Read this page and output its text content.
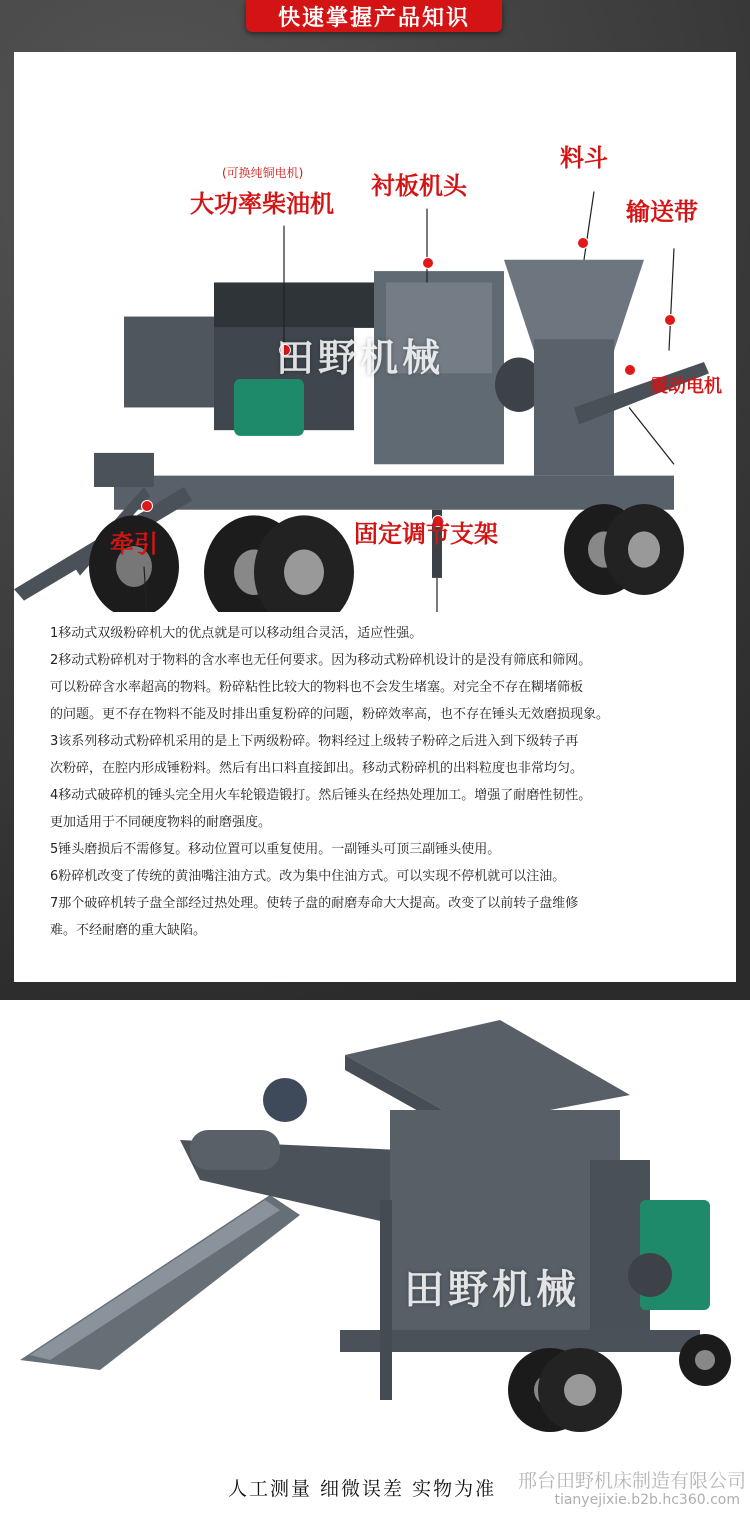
快速掌握产品知识
(可换纯铜电机)
大功率柴油机
衬板机头
料斗
输送带
震动电机
牵引	固定调节支架
田野机械

1移动式双级粉碎机大的优点就是可以移动组合灵活，适应性强。

2移动式粉碎机对于物料的含水率也无任何要求。因为移动式粉碎机设计的是没有筛底和筛网。

可以粉碎含水率超高的物料。粉碎粘性比较大的物料也不会发生堵塞。对完全不存在糊堵筛板

的问题。更不存在物料不能及时排出重复粉碎的问题，粉碎效率高，也不存在锤头无效磨损现象。

3该系列移动式粉碎机采用的是上下两级粉碎。物料经过上级转子粉碎之后进入到下级转子再

次粉碎，在腔内形成锤粉料。然后有出口料直接卸出。移动式粉碎机的出料粒度也非常均匀。

4移动式破碎机的锤头完全用火车轮锻造锻打。然后锤头在经热处理加工。增强了耐磨性韧性。

更加适用于不同硬度物料的耐磨强度。

5锤头磨损后不需修复。移动位置可以重复使用。一副锤头可顶三副锤头使用。

6粉碎机改变了传统的黄油嘴注油方式。改为集中住油方式。可以实现不停机就可以注油。

7那个破碎机转子盘全部经过热处理。使转子盘的耐磨寿命大大提高。改变了以前转子盘维修

难。不经耐磨的重大缺陷。

田野机械
人工测量 细微误差 实物为准 邢台田野机床制造有限公司
tianyejixie.b2b.hc360.com
